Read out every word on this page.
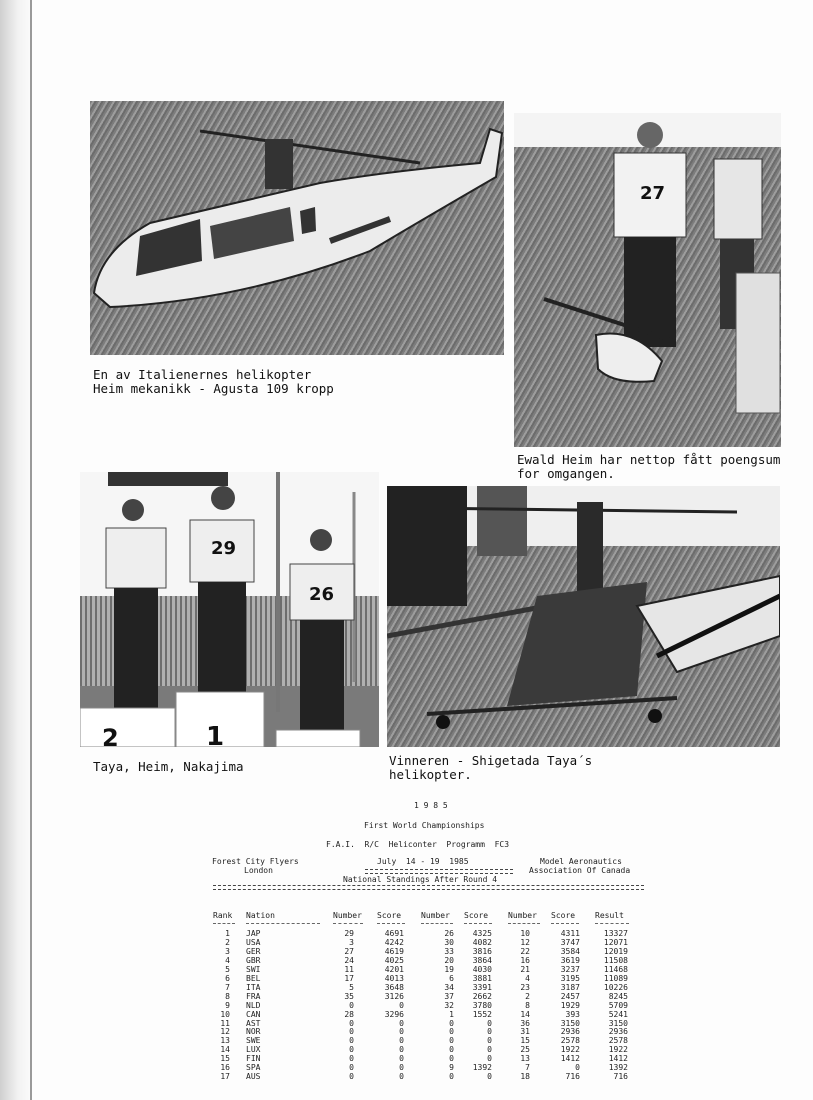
En av Italienernes helikopter
Heim mekanikk - Agusta 109 kropp
27
Ewald Heim har nettop fått poengsum
for omgangen.
29
26
2	1
Taya, Heim, Nakajima	Vinneren - Shigetada Taya´s
helikopter.
1 9 8 5
First World Championships
F.A.I.  R/C  Heliconter  Programm  FC3
Forest City Flyers
London
July  14 - 19  1985	Model Aeronautics
Association Of Canada
National Standings After Round 4
Rank Nation	Number Score Number Score Number Score Result
1 JAP	29	4691	26	4325	10	4311	13327
2 USA	3	4242	30	4082	12	3747	12071
3 GER	27	4619	33	3816	22	3584	12019
4 GBR	24	4025	20	3864	16	3619	11508
5 SWI	11	4201	19	4030	21	3237	11468
6 BEL	17	4013	6	3881	4	3195	11089
7 ITA	5	3648	34	3391	23	3187	10226
8 FRA	35	3126	37	2662	2	2457	8245
9 NLD	0	0	32	3780	8	1929	5709
10 CAN	28	3296	1	1552	14	393	5241
11 AST	0	0	0	0	36	3150	3150
12 NOR	0	0	0	0	31	2936	2936
13 SWE	0	0	0	0	15	2578	2578
14 LUX	0	0	0	0	25	1922	1922
15 FIN	0	0	0	0	13	1412	1412
16 SPA	0	0	9	1392	7	0	1392
17 AUS	0	0	0	0	18	716	716
